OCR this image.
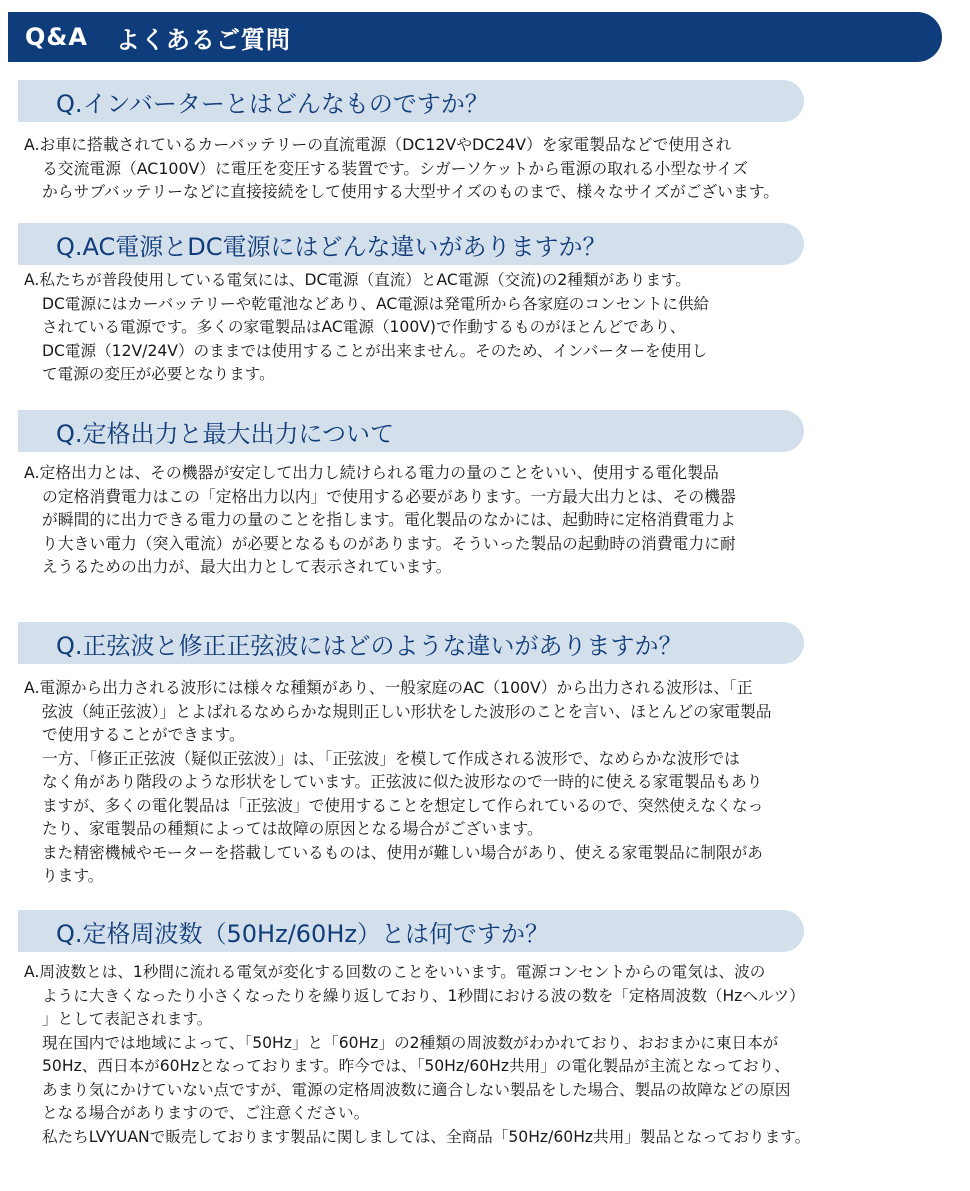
Q&A よくあるご質問
Q.インバーターとはどんなものですか？
A.お車に搭載されているカーバッテリーの直流電源（DC12VやDC24V）を家電製品などで使用され
る交流電源（AC100V）に電圧を変圧する装置です。シガーソケットから電源の取れる小型なサイズ
からサブバッテリーなどに直接接続をして使用する大型サイズのものまで、様々なサイズがございます。
Q.AC電源とDC電源にはどんな違いがありますか？
A.私たちが普段使用している電気には、DC電源（直流）とAC電源（交流)の2種類があります。
DC電源にはカーバッテリーや乾電池などあり、AC電源は発電所から各家庭のコンセントに供給
されている電源です。多くの家電製品はAC電源（100V)で作動するものがほとんどであり、
DC電源（12V/24V）のままでは使用することが出来ません。そのため、インバーターを使用し
て電源の変圧が必要となります。
Q.定格出力と最大出力について
A.定格出力とは、その機器が安定して出力し続けられる電力の量のことをいい、使用する電化製品
の定格消費電力はこの「定格出力以内」で使用する必要があります。一方最大出力とは、その機器
が瞬間的に出力できる電力の量のことを指します。電化製品のなかには、起動時に定格消費電力よ
り大きい電力（突入電流）が必要となるものがあります。そういった製品の起動時の消費電力に耐
えうるための出力が、最大出力として表示されています。
Q.正弦波と修正正弦波にはどのような違いがありますか？
A.電源から出力される波形には様々な種類があり、一般家庭のAC（100V）から出力される波形は、「正
弦波（純正弦波）」とよばれるなめらかな規則正しい形状をした波形のことを言い、ほとんどの家電製品
で使用することができます。
一方、「修正正弦波（疑似正弦波）」は、「正弦波」を模して作成される波形で、なめらかな波形では
なく角があり階段のような形状をしています。正弦波に似た波形なので一時的に使える家電製品もあり
ますが、多くの電化製品は「正弦波」で使用することを想定して作られているので、突然使えなくなっ
たり、家電製品の種類によっては故障の原因となる場合がございます。
また精密機械やモーターを搭載しているものは、使用が難しい場合があり、使える家電製品に制限があ
ります。
Q.定格周波数（50Hz/60Hz）とは何ですか？
A.周波数とは、1秒間に流れる電気が変化する回数のことをいいます。電源コンセントからの電気は、波の
ように大きくなったり小さくなったりを繰り返しており、1秒間における波の数を「定格周波数（Hzヘルツ）
」として表記されます。
現在国内では地域によって、「50Hz」と「60Hz」の2種類の周波数がわかれており、おおまかに東日本が
50Hz、西日本が60Hzとなっております。昨今では、「50Hz/60Hz共用」の電化製品が主流となっており、
あまり気にかけていない点ですが、電源の定格周波数に適合しない製品をした場合、製品の故障などの原因
となる場合がありますので、ご注意ください。
私たちLVYUANで販売しております製品に関しましては、全商品「50Hz/60Hz共用」製品となっております。
